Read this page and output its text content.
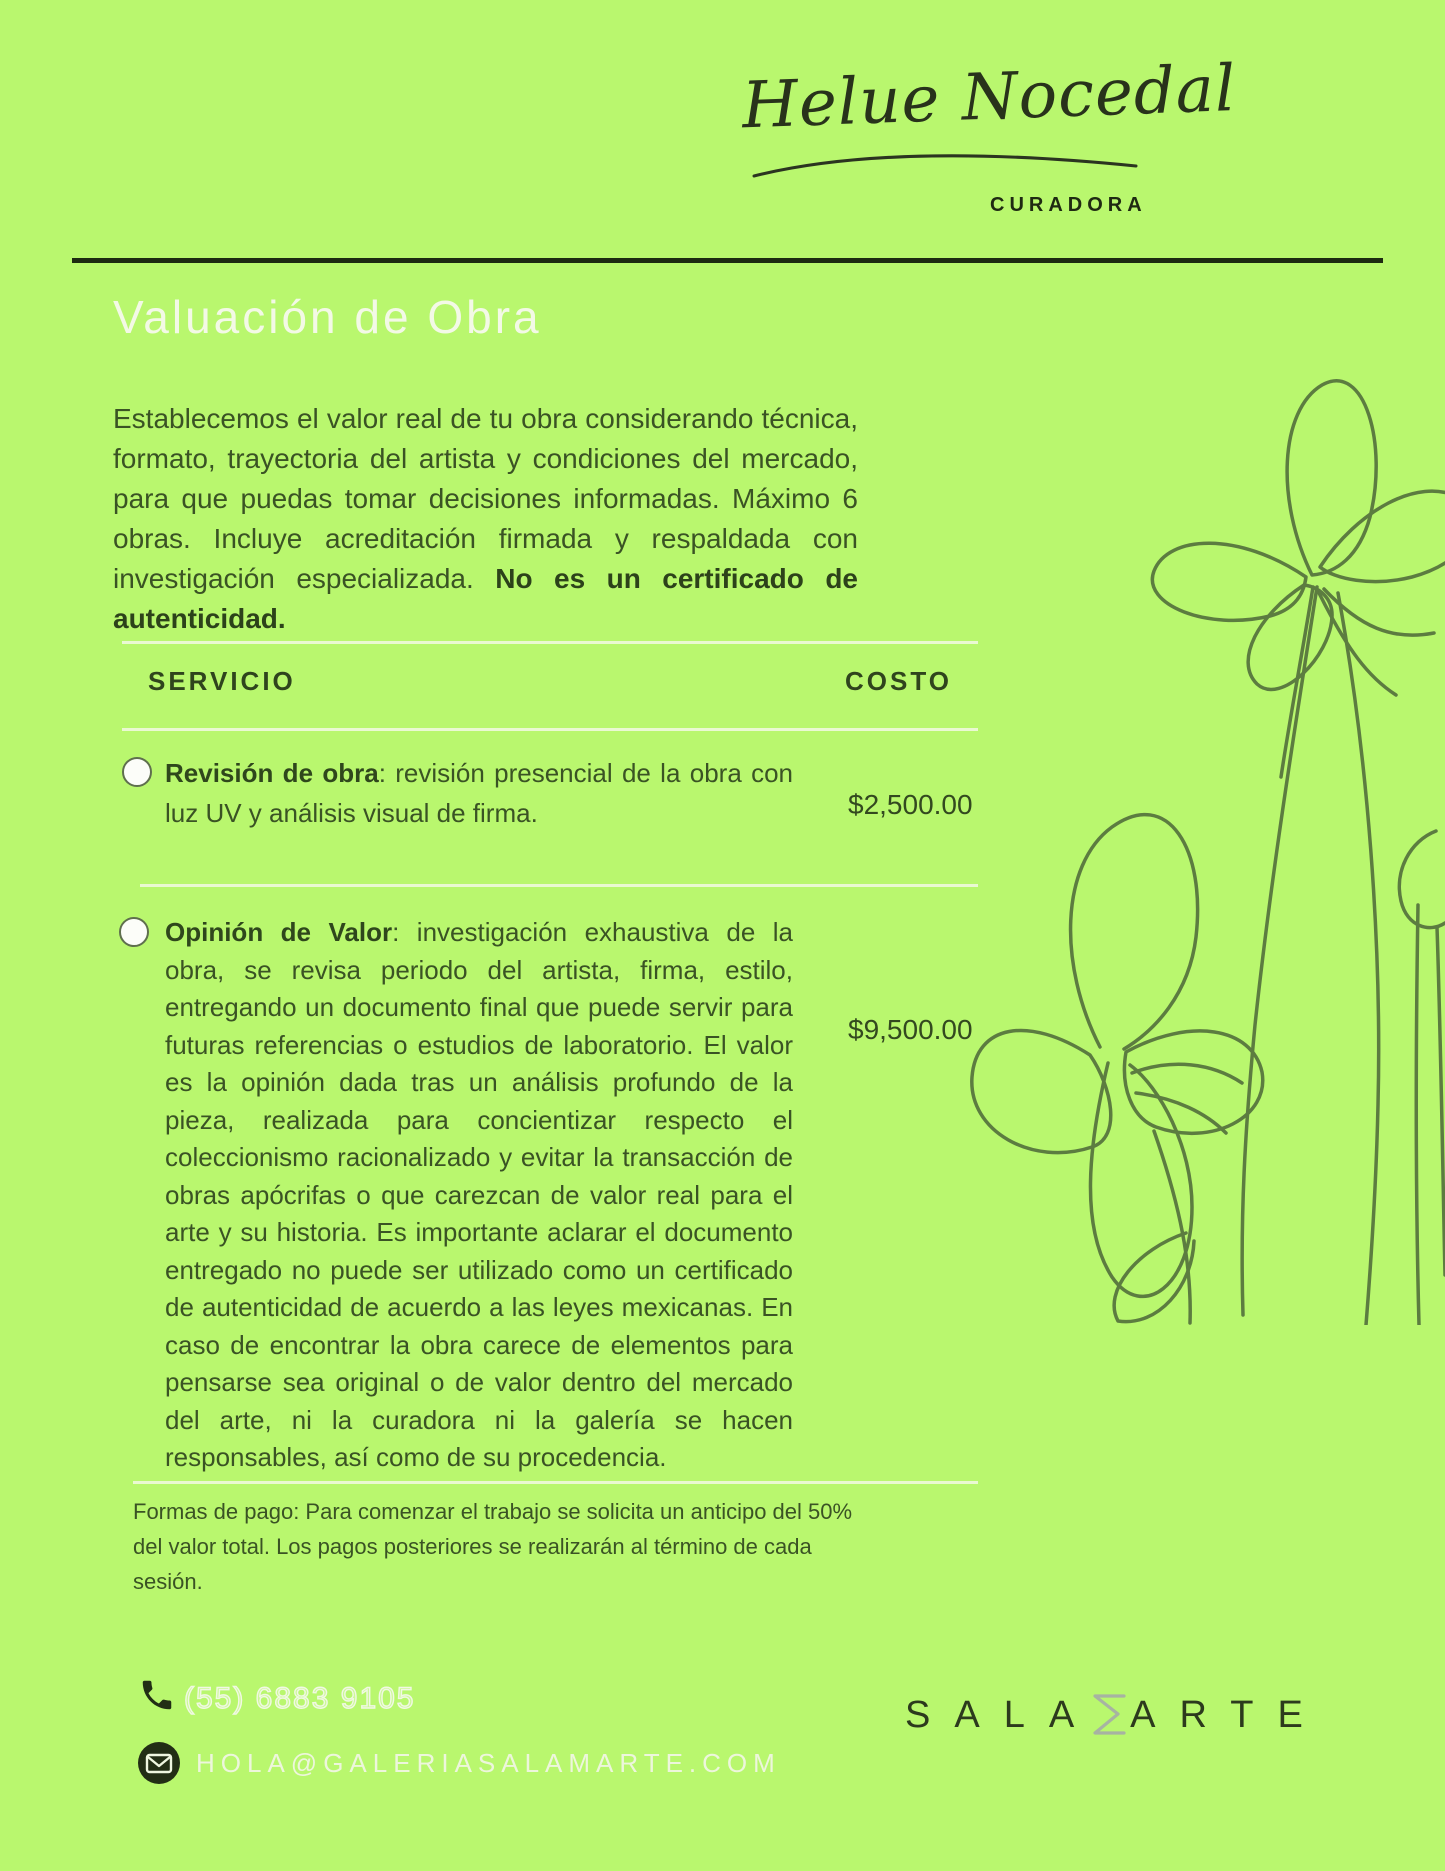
Helue Nocedal
CURADORA
Valuación de Obra
Establecemos el valor real de tu obra considerando técnica, formato, trayectoria del artista y condiciones del mercado, para que puedas tomar decisiones informadas. Máximo 6 obras. Incluye acreditación firmada y respaldada con investigación especializada. No es un certificado de autenticidad.
SERVICIO	COSTO
Revisión de obra: revisión presencial de la obra con luz UV y análisis visual de firma.	$2,500.00
Opinión de Valor: investigación exhaustiva de la obra, se revisa periodo del artista, firma, estilo, entregando un documento final que puede servir para futuras referencias o estudios de laboratorio. El valor es la opinión dada tras un análisis profundo de la pieza, realizada para concientizar respecto el coleccionismo racionalizado y evitar la transacción de obras apócrifas o que carezcan de valor real para el arte y su historia. Es importante aclarar el documento entregado no puede ser utilizado como un certificado de autenticidad de acuerdo a las leyes mexicanas. En caso de encontrar la obra carece de elementos para pensarse sea original o de valor dentro del mercado del arte, ni la curadora ni la galería se hacen responsables, así como de su procedencia.
$9,500.00
Formas de pago: Para comenzar el trabajo se solicita un anticipo del 50% del valor total. Los pagos posteriores se realizarán al término de cada sesión.
(55) 6883 9105
HOLA@GALERIASALAMARTE.COM
SALA ARTE
